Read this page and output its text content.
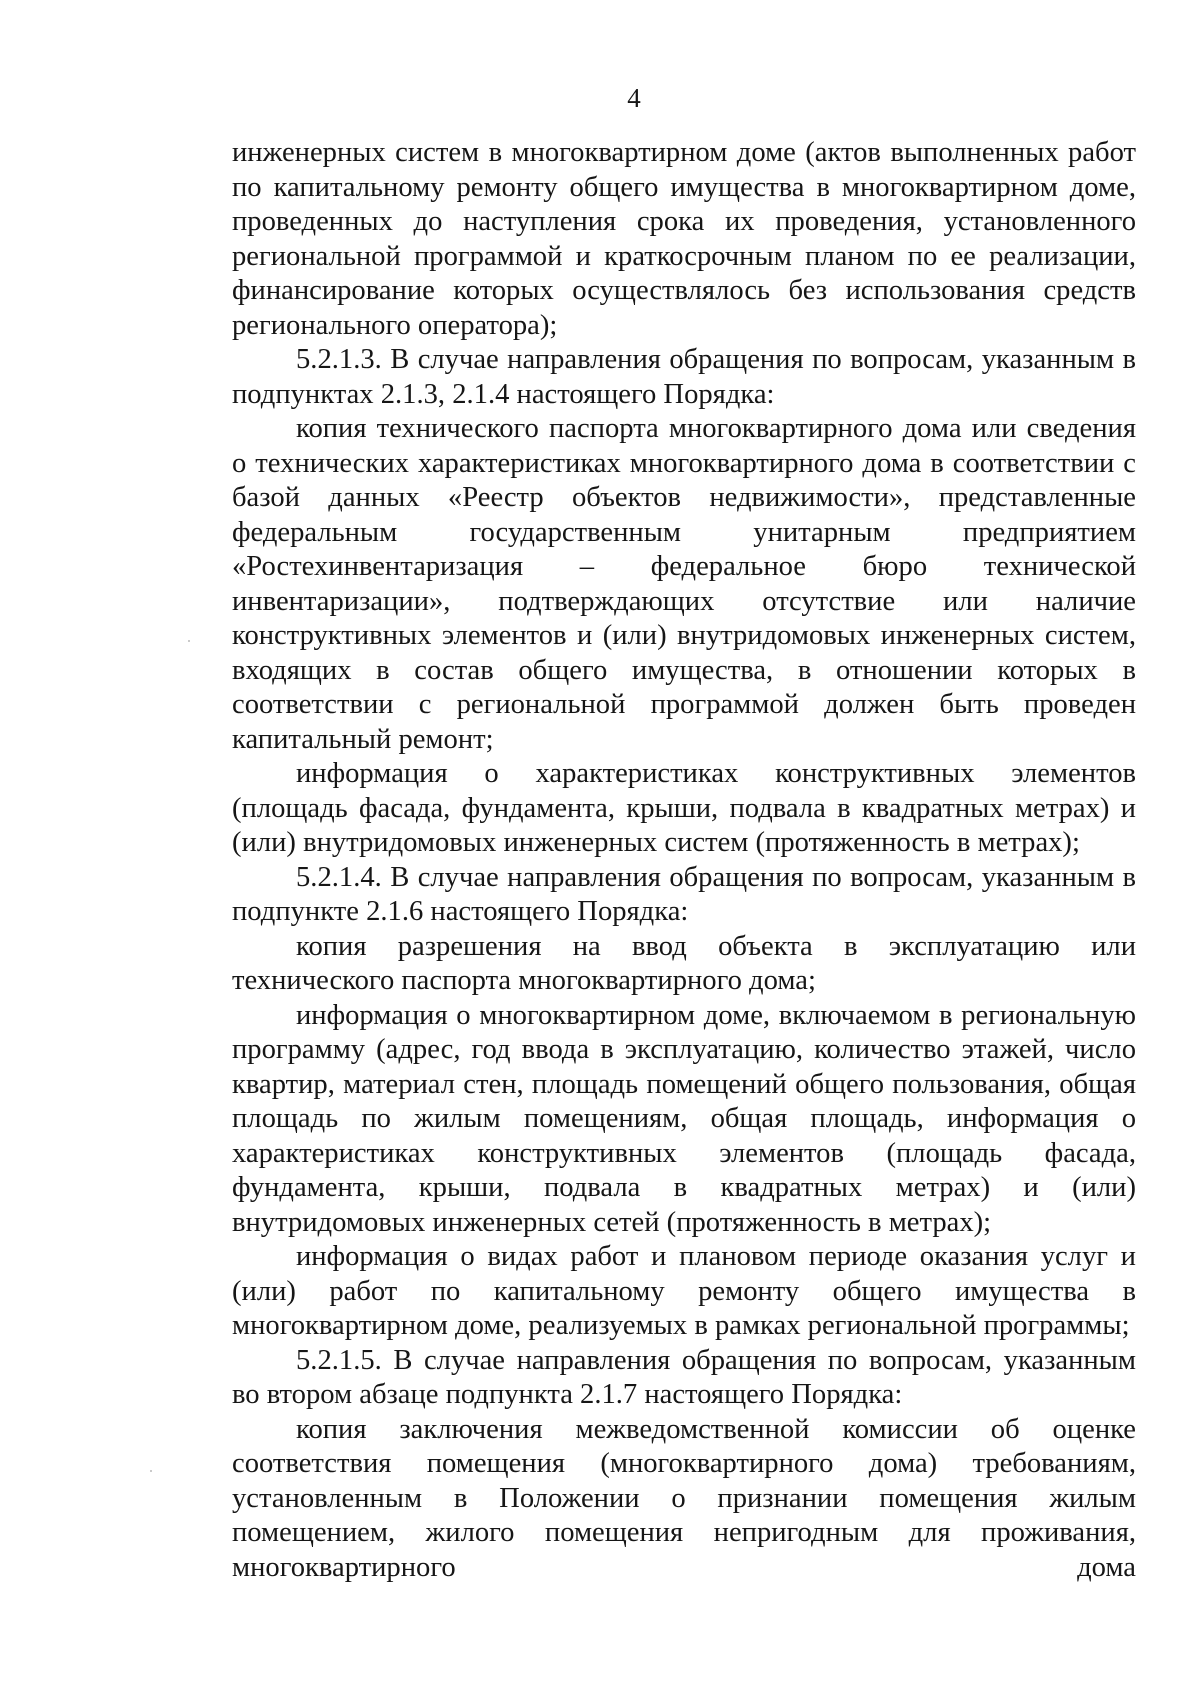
4

инженерных систем в многоквартирном доме (актов выполненных работ по капитальному ремонту общего имущества в многоквартирном доме, проведенных до наступления срока их проведения, установленного региональной программой и краткосрочным планом по ее реализации, финансирование которых осуществлялось без использования средств регионального оператора);

5.2.1.3. В случае направления обращения по вопросам, указанным в подпунктах 2.1.3, 2.1.4 настоящего Порядка:

копия технического паспорта многоквартирного дома или сведения о технических характеристиках многоквартирного дома в соответствии с базой данных «Реестр объектов недвижимости», представленные федеральным государственным унитарным предприятием «Ростехинвентаризация – федеральное бюро технической инвентаризации», подтверждающих отсутствие или наличие конструктивных элементов и (или) внутридомовых инженерных систем, входящих в состав общего имущества, в отношении которых в соответствии с региональной программой должен быть проведен капитальный ремонт;

информация о характеристиках конструктивных элементов (площадь фасада, фундамента, крыши, подвала в квадратных метрах) и (или) внутридомовых инженерных систем (протяженность в метрах);

5.2.1.4. В случае направления обращения по вопросам, указанным в подпункте 2.1.6 настоящего Порядка:

копия разрешения на ввод объекта в эксплуатацию или технического паспорта многоквартирного дома;

информация о многоквартирном доме, включаемом в региональную программу (адрес, год ввода в эксплуатацию, количество этажей, число квартир, материал стен, площадь помещений общего пользования, общая площадь по жилым помещениям, общая площадь, информация о характеристиках конструктивных элементов (площадь фасада, фундамента, крыши, подвала в квадратных метрах) и (или) внутридомовых инженерных сетей (протяженность в метрах);

информация о видах работ и плановом периоде оказания услуг и (или) работ по капитальному ремонту общего имущества в многоквартирном доме, реализуемых в рамках региональной программы;

5.2.1.5. В случае направления обращения по вопросам, указанным во втором абзаце подпункта 2.1.7 настоящего Порядка:

копия заключения межведомственной комиссии об оценке соответствия помещения (многоквартирного дома) требованиям, установленным в Положении о признании помещения жилым помещением, жилого помещения непригодным для проживания, многоквартирного дома
